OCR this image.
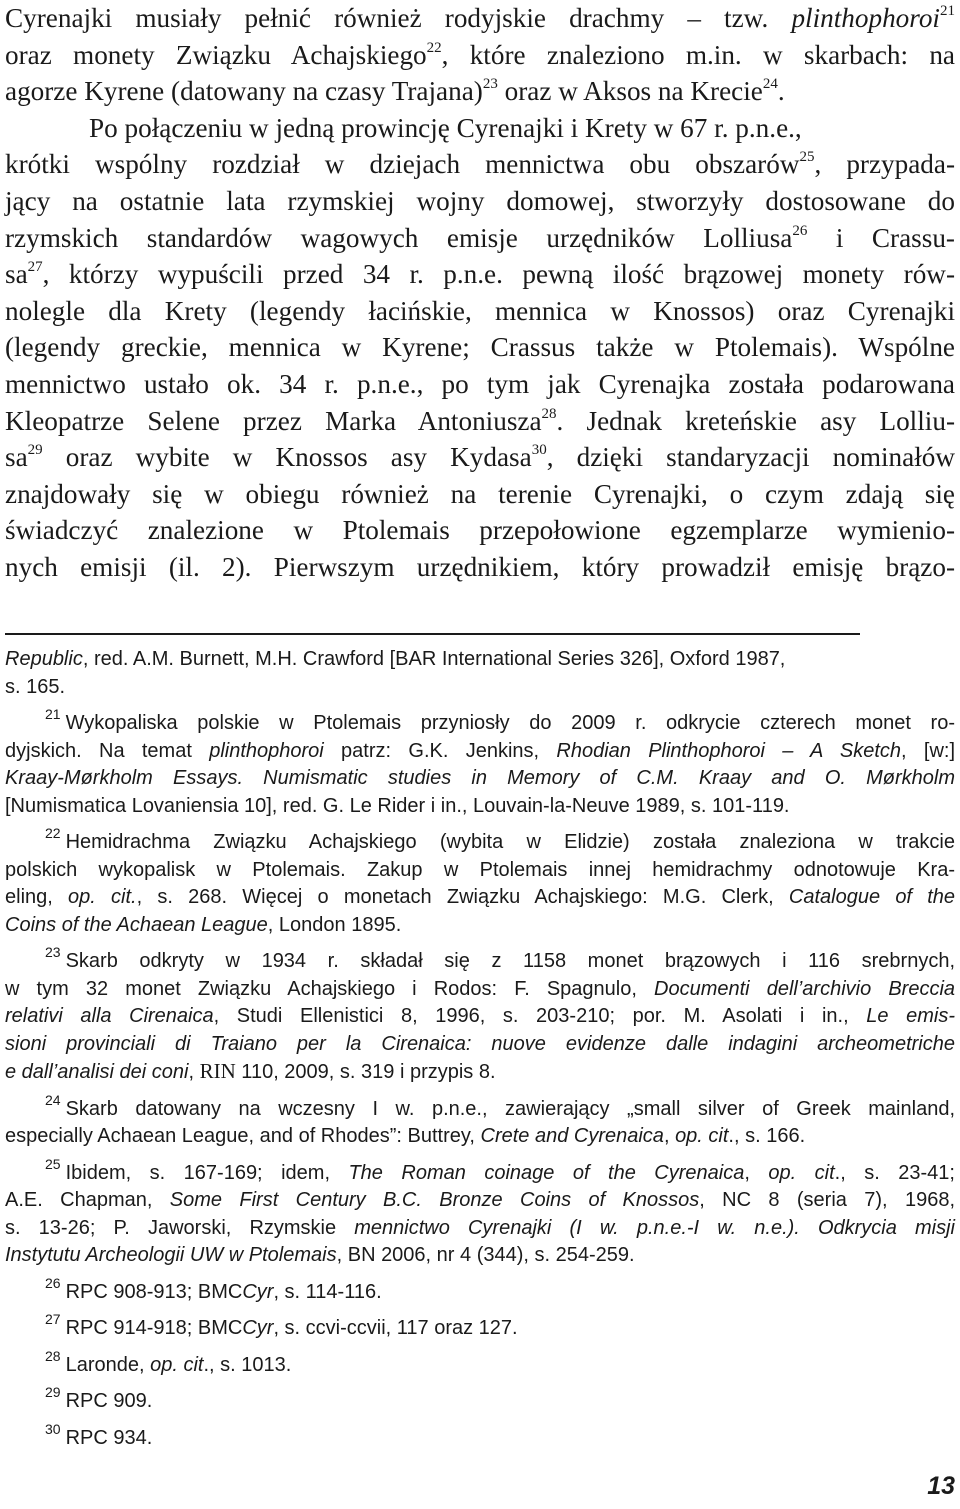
Cyrenajki musiały pełnić również rodyjskie drachmy – tzw. plinthophoroi$^{21}$
oraz monety Związku Achajskiego$^{22}$, które znaleziono m.in. w skarbach: na
agorze Kyrene (datowany na czasy Trajana)$^{23}$ oraz w Aksos na Krecie$^{24}$.
Po połączeniu w jedną prowincję Cyrenajki i Krety w 67 r. p.n.e.,
krótki wspólny rozdział w dziejach mennictwa obu obszarów$^{25}$, przypada-
jący na ostatnie lata rzymskiej wojny domowej, stworzyły dostosowane do
rzymskich standardów wagowych emisje urzędników Lolliusa$^{26}$ i Crassu-
$sa^{27}$, którzy wypuścili przed 34 r. p.n.e. pewną ilość brązowej monety rów-
nolegle dla Krety (legendy łacińskie, mennica w Knossos) oraz Cyrenajki
(legendy greckie, mennica w Kyrene; Crassus także w Ptolemais). Wspólne
mennictwo ustało ok. 34 r. p.n.e., po tym jak Cyrenajka została podarowana
Kleopatrze Selene przez Marka Antoniusza$^{28}$. Jednak kreteńskie asy Lolliu-
$sa^{29}$ oraz wybite w Knossos asy Kydasa$^{30}$, dzięki standaryzacji nominałów
znajdowały się w obiegu również na terenie Cyrenajki, o czym zdają się
świadczyć znalezione w Ptolemais przepołowione egzemplarze wymienio-
nych emisji (il. 2). Pierwszym urzędnikiem, który prowadził emisję brązo-
Republic, red. A.M. Burnett, M.H. Crawford [BAR International Series 326], Oxford 1987,
s. 165.
$^{21}$ Wykopaliska polskie w Ptolemais przyniosły do 2009 r. odkrycie czterech monet ro-
dyjskich. Na temat plinthophoroi patrz: G.K. Jenkins, Rhodian Plinthophoroi – A Sketch, [w:]
Kraay-Mørkholm Essays. Numismatic studies in Memory of C.M. Kraay and O. Mørkholm
[Numismatica Lovaniensia 10], red. G. Le Rider i in., Louvain-la-Neuve 1989, s. 101-119.
$^{22}$ Hemidrachma Związku Achajskiego (wybita w Elidzie) została znaleziona w trakcie
polskich wykopalisk w Ptolemais. Zakup w Ptolemais innej hemidrachmy odnotowuje Kra-
eling, op. cit., s. 268. Więcej o monetach Związku Achajskiego: M.G. Clerk, Catalogue of the
Coins of the Achaean League, London 1895.
$^{23}$ Skarb odkryty w 1934 r. składał się z 1158 monet brązowych i 116 srebrnych,
w tym 32 monet Związku Achajskiego i Rodos: F. Spagnulo, Documenti dell’archivio Breccia
relativi alla Cirenaica, Studi Ellenistici 8, 1996, s. 203-210; por. M. Asolati i in., Le emis-
sioni provinciali di Traiano per la Cirenaica: nuove evidenze dalle indagini archeometriche
e dall’analisi dei coni, RIN 110, 2009, s. 319 i przypis 8.
$^{24}$ Skarb datowany na wczesny I w. p.n.e., zawierający „small silver of Greek mainland,
especially Achaean League, and of Rhodes”: Buttrey, Crete and Cyrenaica, op. cit., s. 166.
$^{25}$ Ibidem, s. 167-169; idem, The Roman coinage of the Cyrenaica, op. cit., s. 23-41;
A.E. Chapman, Some First Century B.C. Bronze Coins of Knossos, NC 8 (seria 7), 1968,
s. 13-26; P. Jaworski, Rzymskie mennictwo Cyrenajki (I w. p.n.e.-I w. n.e.). Odkrycia misji
Instytutu Archeologii UW w Ptolemais, BN 2006, nr 4 (344), s. 254-259.
$^{26}$ RPC 908-913; BMCCyr, s. 114-116.
$^{27}$ RPC 914-918; BMCCyr, s. ccvi-ccvii, 117 oraz 127.
$^{28}$ Laronde, op. cit., s. 1013.
$^{29}$ RPC 909.
$^{30}$ RPC 934.
13
